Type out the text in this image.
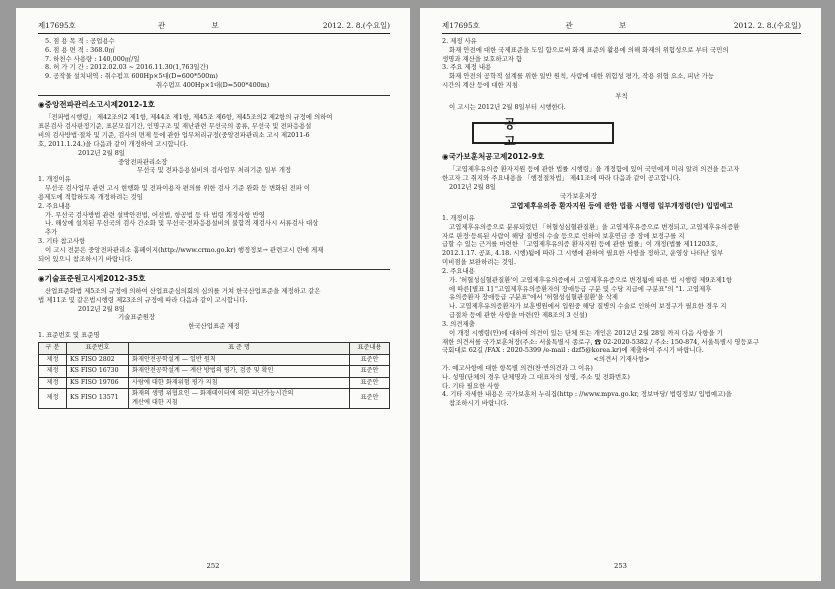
제17695호	관 보	2012. 2. 8.(수요일)
5. 점 용 목 적 : 공업용수
6. 점 용 면 적 : 368.0㎡
7. 하천수 사용량 : 140,000㎥/일
8. 허 가 기 간 : 2012.02.03 ~ 2016.11.30(1,763일간)
9. 공작물 설치내역 : 취수펌프 600Hp×5대(D=600*500m)
취수펌프 400Hp×1대(D=500*400m)
◉중앙전파관리소고시제2012-1호
「전파법시행령」 제42조의2 제1항, 제44조 제1항, 제45조 제6항, 제45조의2 제2항의 규정에 의하여
표본검사 검사판정기준, 표본모집기간, 인명구조 및 재난관련 무선국의 종류, 무선국 및 전파응용설
비의 검사방법·절차 및 기준, 검사의 면제 등에 관한 업무처리규정(중앙전파관리소 고시 제2011-6
호, 2011.1.24.)을 다음과 같이 개정하여 고시합니다.
2012년 2월 8일
중앙전파관리소장
무선국 및 전파응용설비의 검사업무 처리기준 일부 개정
1. 개정이유
무선국 검사업무 관련 고시 현행화 및 전파이용자 편의를 위한 검사 기준 완화 등 변화된 전파 이
용제도에 적합하도록 개정하려는 것임
2. 주요내용
가. 무선국 검사방법 관련 설박안전법, 어선법, 항공법 등 타 법령 개정사항 반영
나. 해상에 설치된 무선국의 검사 간소화 및 무선국·전파응용설비의 불합격 재검사시 서류검사 대상
추가
3. 기타 참고사항
이 고시 전문은 중앙전파관리소 홈페이지(http://www.crmo.go.kr) 행정정보→ 관련고시 란에 게재
되어 있으니 참조하시기 바랍니다.
◉기술표준원고시제2012-35호
산업표준화법 제5조의 규정에 의하여 산업표준심의회의 심의를 거쳐 한국산업표준을 제정하고 같은
법 제11조 및 같은법시행령 제23조의 규정에 따라 다음과 같이 고시합니다.
2012년 2월 8일
기술표준원장
한국산업표준 제정
1. 표준번호 및 표준명
구 분	표준번호	표 준 명	표준내용
제정	KS FISO 2802	화재안전공학설계 — 일반 원칙	표준안
제정	KS FISO 16730	화재안전공학설계 — 계산 방법의 평가, 검증 및 확인	표준안
제정	KS FISO 19706	사람에 대한 화재위험 평가 지침	표준안
제정	KS FISO 13571	화재의 생명 위협요인 — 화재데이터에 의한 피난가능시간의
계산에 대한 지침	표준안
252
제17695호	관 보	2012. 2. 8.(수요일)
2. 제정 사유
화재 안전에 대한 국제표준을 도입 함으로써 화재 표준의 활용에 의해 화재의 위험성으로 부터 국민의
생명과 재산을 보호하고자 함
3. 주요 제정 내용
화재 안전의 공학적 설계를 위한 일반 원칙, 사람에 대한 위험성 평가, 작용 위협 요소, 피난 가능
시간의 계산 등에 대한 지침
부칙
이 고시는 2012년 2월 8일부터 시행한다.
공 고
◉국가보훈처공고제2012-9호
「고엽제후유의증 환자지원 등에 관한 법률 시행령」을 개정함에 있어 국민에게 미리 알려 의견을 듣고자
한고자 그 취지와 주요내용을 「행정절차법」 제41조에 따라 다음과 같이 공고합니다.
2012년 2월 8일
국가보훈처장
고엽제후유의증 환자지원 등에 관한 법률 시행령 일부개정령(안) 입법예고
1. 개정이유
고엽제후유의증으로 분류되었던 「허혈성심혈관질환」을 고엽제후유증으로 변경되고, 고엽제후유의증환
자로 판정·등록된 사람이 해당 질병의 수술 등으로 인하여 보훈연금 중 장애 보정구를 지
급할 수 있는 근거를 마련한 「고엽제후유의증 환자지원 등에 관한 법률」이 개정(법률 제11203호,
2012.1.17. 공포, 4.18. 시행)됨에 따라 그 시행에 관하여 필요한 사항을 정하고, 운영상 나타난 일부
미비점을 보완하려는 것임.
2. 주요내용
가. '허혈성심혈관질환'이 고엽제후유의증에서 고엽제후유증으로 변경됨에 따른 법 시행령 제9조제1항
에 따른[별표 1] "고엽제후유의증환자의 장애등급 구분 및 수당 지급에 구분표"의 "1. 고엽제후
유의증환자 장애등급 구분표"에서 '허혈성심혈관질환'을 삭제
나. 고엽제후유의증환자가 보훈병원에서 입원중 해당 질병의 수술로 인하여 보정구가 필요한 경우 지
급절차 등에 관한 사항을 마련(안 제8조의 3 신설)
3. 의견제출
이 개정 시행령(안)에 대하여 의견이 있는 단체 또는 개인은 2012년 2월 28일 까지 다음 사항을 기
재한 의견서를 국가보훈처장(주소: 서울특별시 종로구, ☎ 02-2020-5382 / 주소: 150-874, 서울특별시 영등포구
국회대로 62길 /FAX : 2020-5399 /e-mail : dzf5@korea.kr)에 제출하여 주시기 바랍니다.
<의견서 기재사항>
가. 예고사항에 대한 항목별 의견(찬·반의견과 그 이유)
나. 성명(단체의 경우 단체명과 그 대표자의 성명, 주소 및 전화번호)
다. 기타 필요한 사항
4. 기타 자세한 내용은 국가보훈처 누리집(http : //www.mpva.go.kr, 정보마당/ 법령정보/ 입법예고)을
참조하시기 바랍니다.
253
